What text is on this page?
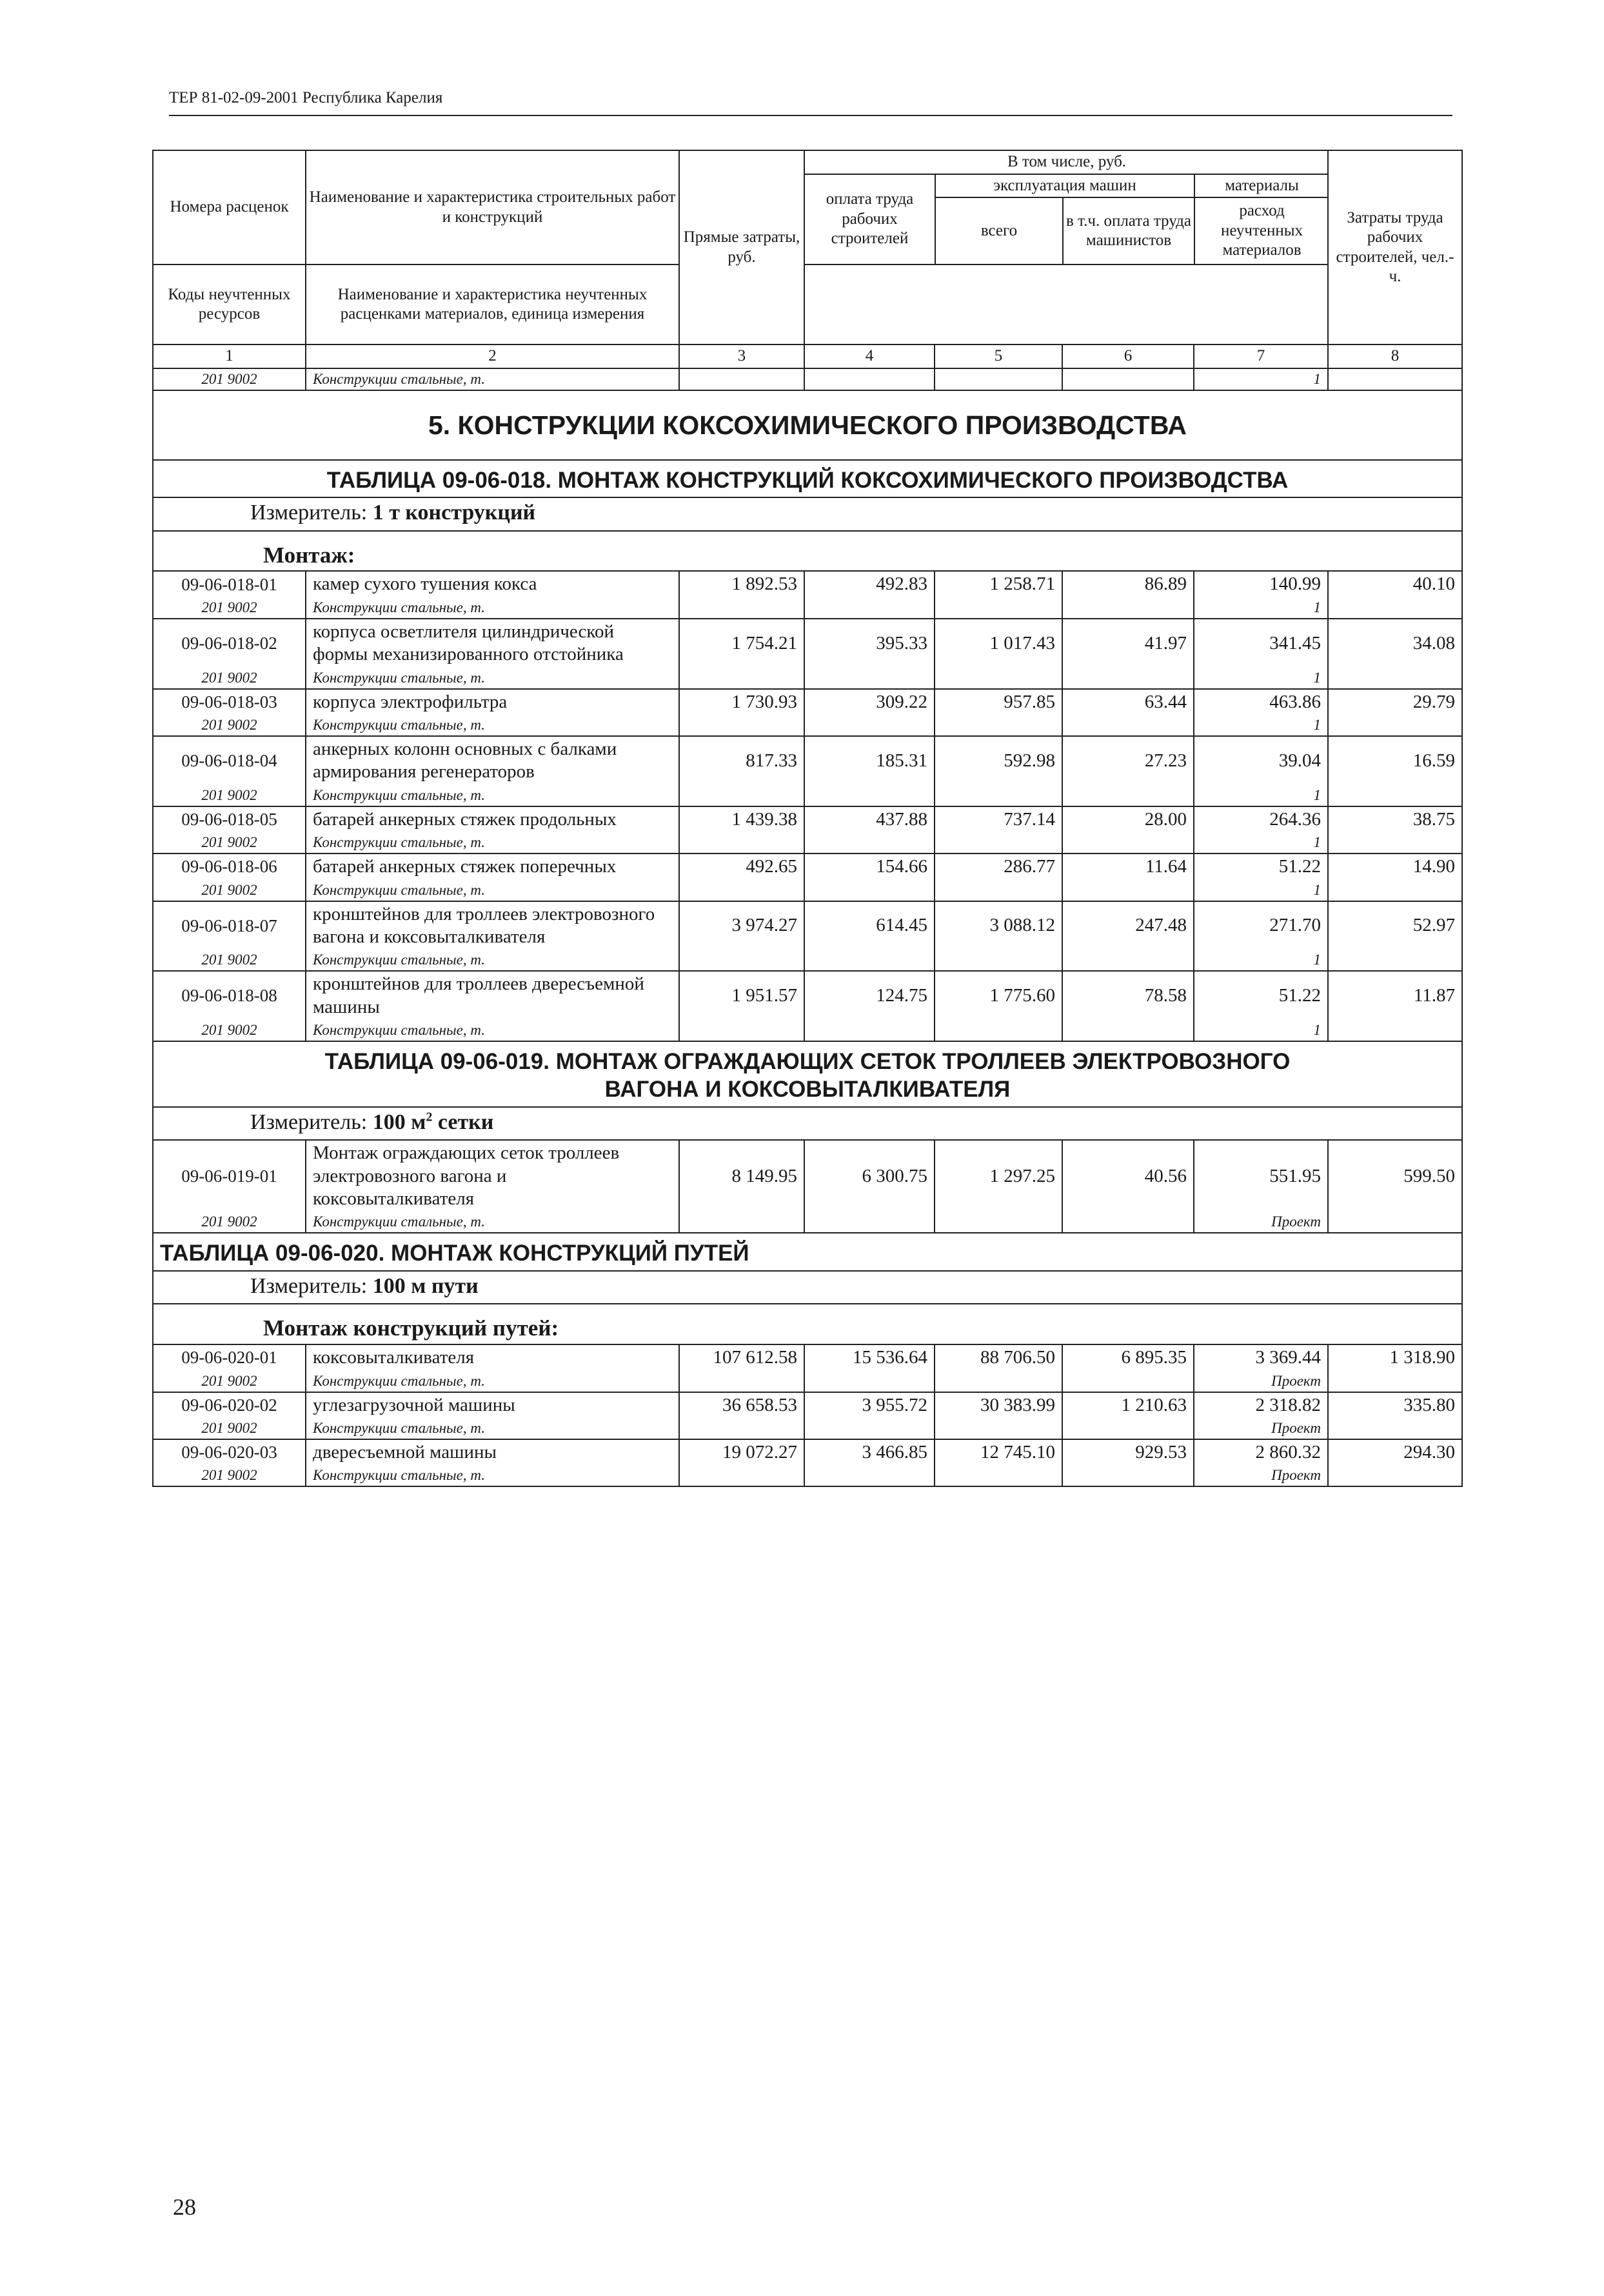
ТЕР 81-02-09-2001 Республика Карелия
Номера расценок	Наименование и характеристика строительных работ и конструкций	Прямые затраты, руб.	
В том числе, руб.
оплата труда рабочих строителей	эксплуатация машин	материалы
всего	в т.ч. оплата труда машинистов	расход неучтенных материалов
	Затраты труда рабочих строителей, чел.-ч.
Коды неучтенных ресурсов	Наименование и характеристика неучтенных расценками материалов, единица измерения
1	2	3	4	5	6	7	8
201 9002	Конструкции стальные, т.					1	
5. КОНСТРУКЦИИ КОКСОХИМИЧЕСКОГО ПРОИЗВОДСТВА
ТАБЛИЦА 09-06-018. МОНТАЖ КОНСТРУКЦИЙ КОКСОХИМИЧЕСКОГО ПРОИЗВОДСТВА
Измеритель: 1 т конструкций
Монтаж:
09-06-018-01	камер сухого тушения кокса	1 892.53	492.83	1 258.71	86.89	140.99	40.10
201 9002	Конструкции стальные, т.					1	
09-06-018-02	корпуса осветлителя цилиндрической формы механизированного отстойника	1 754.21	395.33	1 017.43	41.97	341.45	34.08
201 9002	Конструкции стальные, т.					1	
09-06-018-03	корпуса электрофильтра	1 730.93	309.22	957.85	63.44	463.86	29.79
201 9002	Конструкции стальные, т.					1	
09-06-018-04	анкерных колонн основных с балками армирования регенераторов	817.33	185.31	592.98	27.23	39.04	16.59
201 9002	Конструкции стальные, т.					1	
09-06-018-05	батарей анкерных стяжек продольных	1 439.38	437.88	737.14	28.00	264.36	38.75
201 9002	Конструкции стальные, т.					1	
09-06-018-06	батарей анкерных стяжек поперечных	492.65	154.66	286.77	11.64	51.22	14.90
201 9002	Конструкции стальные, т.					1	
09-06-018-07	кронштейнов для троллеев электровозного вагона и коксовыталкивателя	3 974.27	614.45	3 088.12	247.48	271.70	52.97
201 9002	Конструкции стальные, т.					1	
09-06-018-08	кронштейнов для троллеев двересъемной машины	1 951.57	124.75	1 775.60	78.58	51.22	11.87
201 9002	Конструкции стальные, т.					1	

ТАБЛИЦА 09-06-019. МОНТАЖ ОГРАЖДАЮЩИХ СЕТОК ТРОЛЛЕЕВ ЭЛЕКТРОВОЗНОГО
ВАГОНА И КОКСОВЫТАЛКИВАТЕЛЯ

Измеритель: 100 $м^2$ сетки
09-06-019-01	Монтаж ограждающих сеток троллеев электровозного вагона и коксовыталкивателя	8 149.95	6 300.75	1 297.25	40.56	551.95	599.50
201 9002	Конструкции стальные, т.					Проект	
ТАБЛИЦА 09-06-020. МОНТАЖ КОНСТРУКЦИЙ ПУТЕЙ
Измеритель: 100 м пути
Монтаж конструкций путей:
09-06-020-01	коксовыталкивателя	107 612.58	15 536.64	88 706.50	6 895.35	3 369.44	1 318.90
201 9002	Конструкции стальные, т.					Проект	
09-06-020-02	углезагрузочной машины	36 658.53	3 955.72	30 383.99	1 210.63	2 318.82	335.80
201 9002	Конструкции стальные, т.					Проект	
09-06-020-03	двересъемной машины	19 072.27	3 466.85	12 745.10	929.53	2 860.32	294.30
201 9002	Конструкции стальные, т.					Проект	
28
